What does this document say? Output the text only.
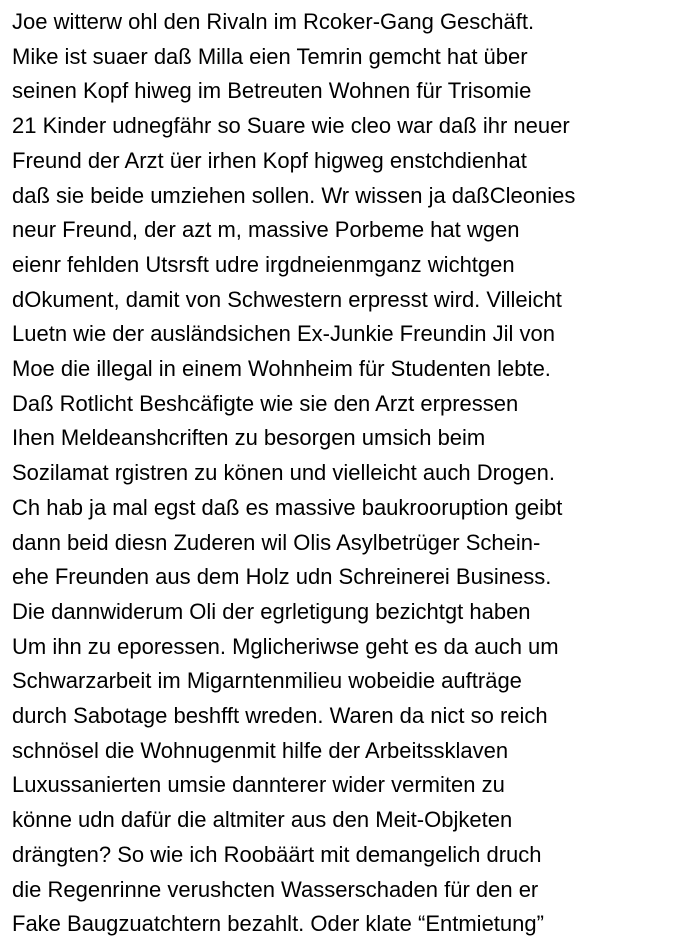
Joe witterw ohl den Rivaln im Rcoker-Gang Geschäft.
Mike ist suaer daß Milla eien Temrin gemcht hat über
seinen Kopf hiweg im Betreuten Wohnen für Trisomie
21 Kinder udnegfähr so Suare wie cleo war daß ihr neuer
Freund der Arzt üer irhen Kopf higweg enstchdienhat
daß sie beide umziehen sollen. Wr wissen ja daßCleonies
neur Freund, der azt m, massive Porbeme hat wgen
eienr fehlden Utsrsft udre irgdneienmganz wichtgen
dOkument, damit von Schwestern erpresst wird. Villeicht
Luetn wie der ausländsichen Ex-Junkie Freundin Jil von
Moe die illegal in einem Wohnheim für Studenten lebte.
Daß Rotlicht Beshcäfigte wie sie den Arzt erpressen
Ihen Meldeanshcriften zu besorgen umsich beim
Sozilamat rgistren zu könen und vielleicht auch Drogen.
Ch hab ja mal egst daß es massive baukrooruption geibt
dann beid diesn Zuderen wil Olis Asylbetrüger Schein-
ehe Freunden aus dem Holz udn Schreinerei Business.
Die dannwiderum Oli der egrletigung bezichtgt haben
Um ihn zu eporessen. Mglicheriwse geht es da auch um
Schwarzarbeit im Migarntenmilieu wobeidie aufträge
durch Sabotage beshfft wreden. Waren da nict so reich
schnösel die Wohnugenmit hilfe der Arbeitssklaven
Luxussanierten umsie dannterer wider vermiten zu
könne udn dafür die altmiter aus den Meit-Objketen
drängten? So wie ich Roobäärt mit demangelich druch
die Regenrinne verushcten Wasserschaden für den er
Fake Baugzuatchtern bezahlt. Oder klate “Entmietung”
